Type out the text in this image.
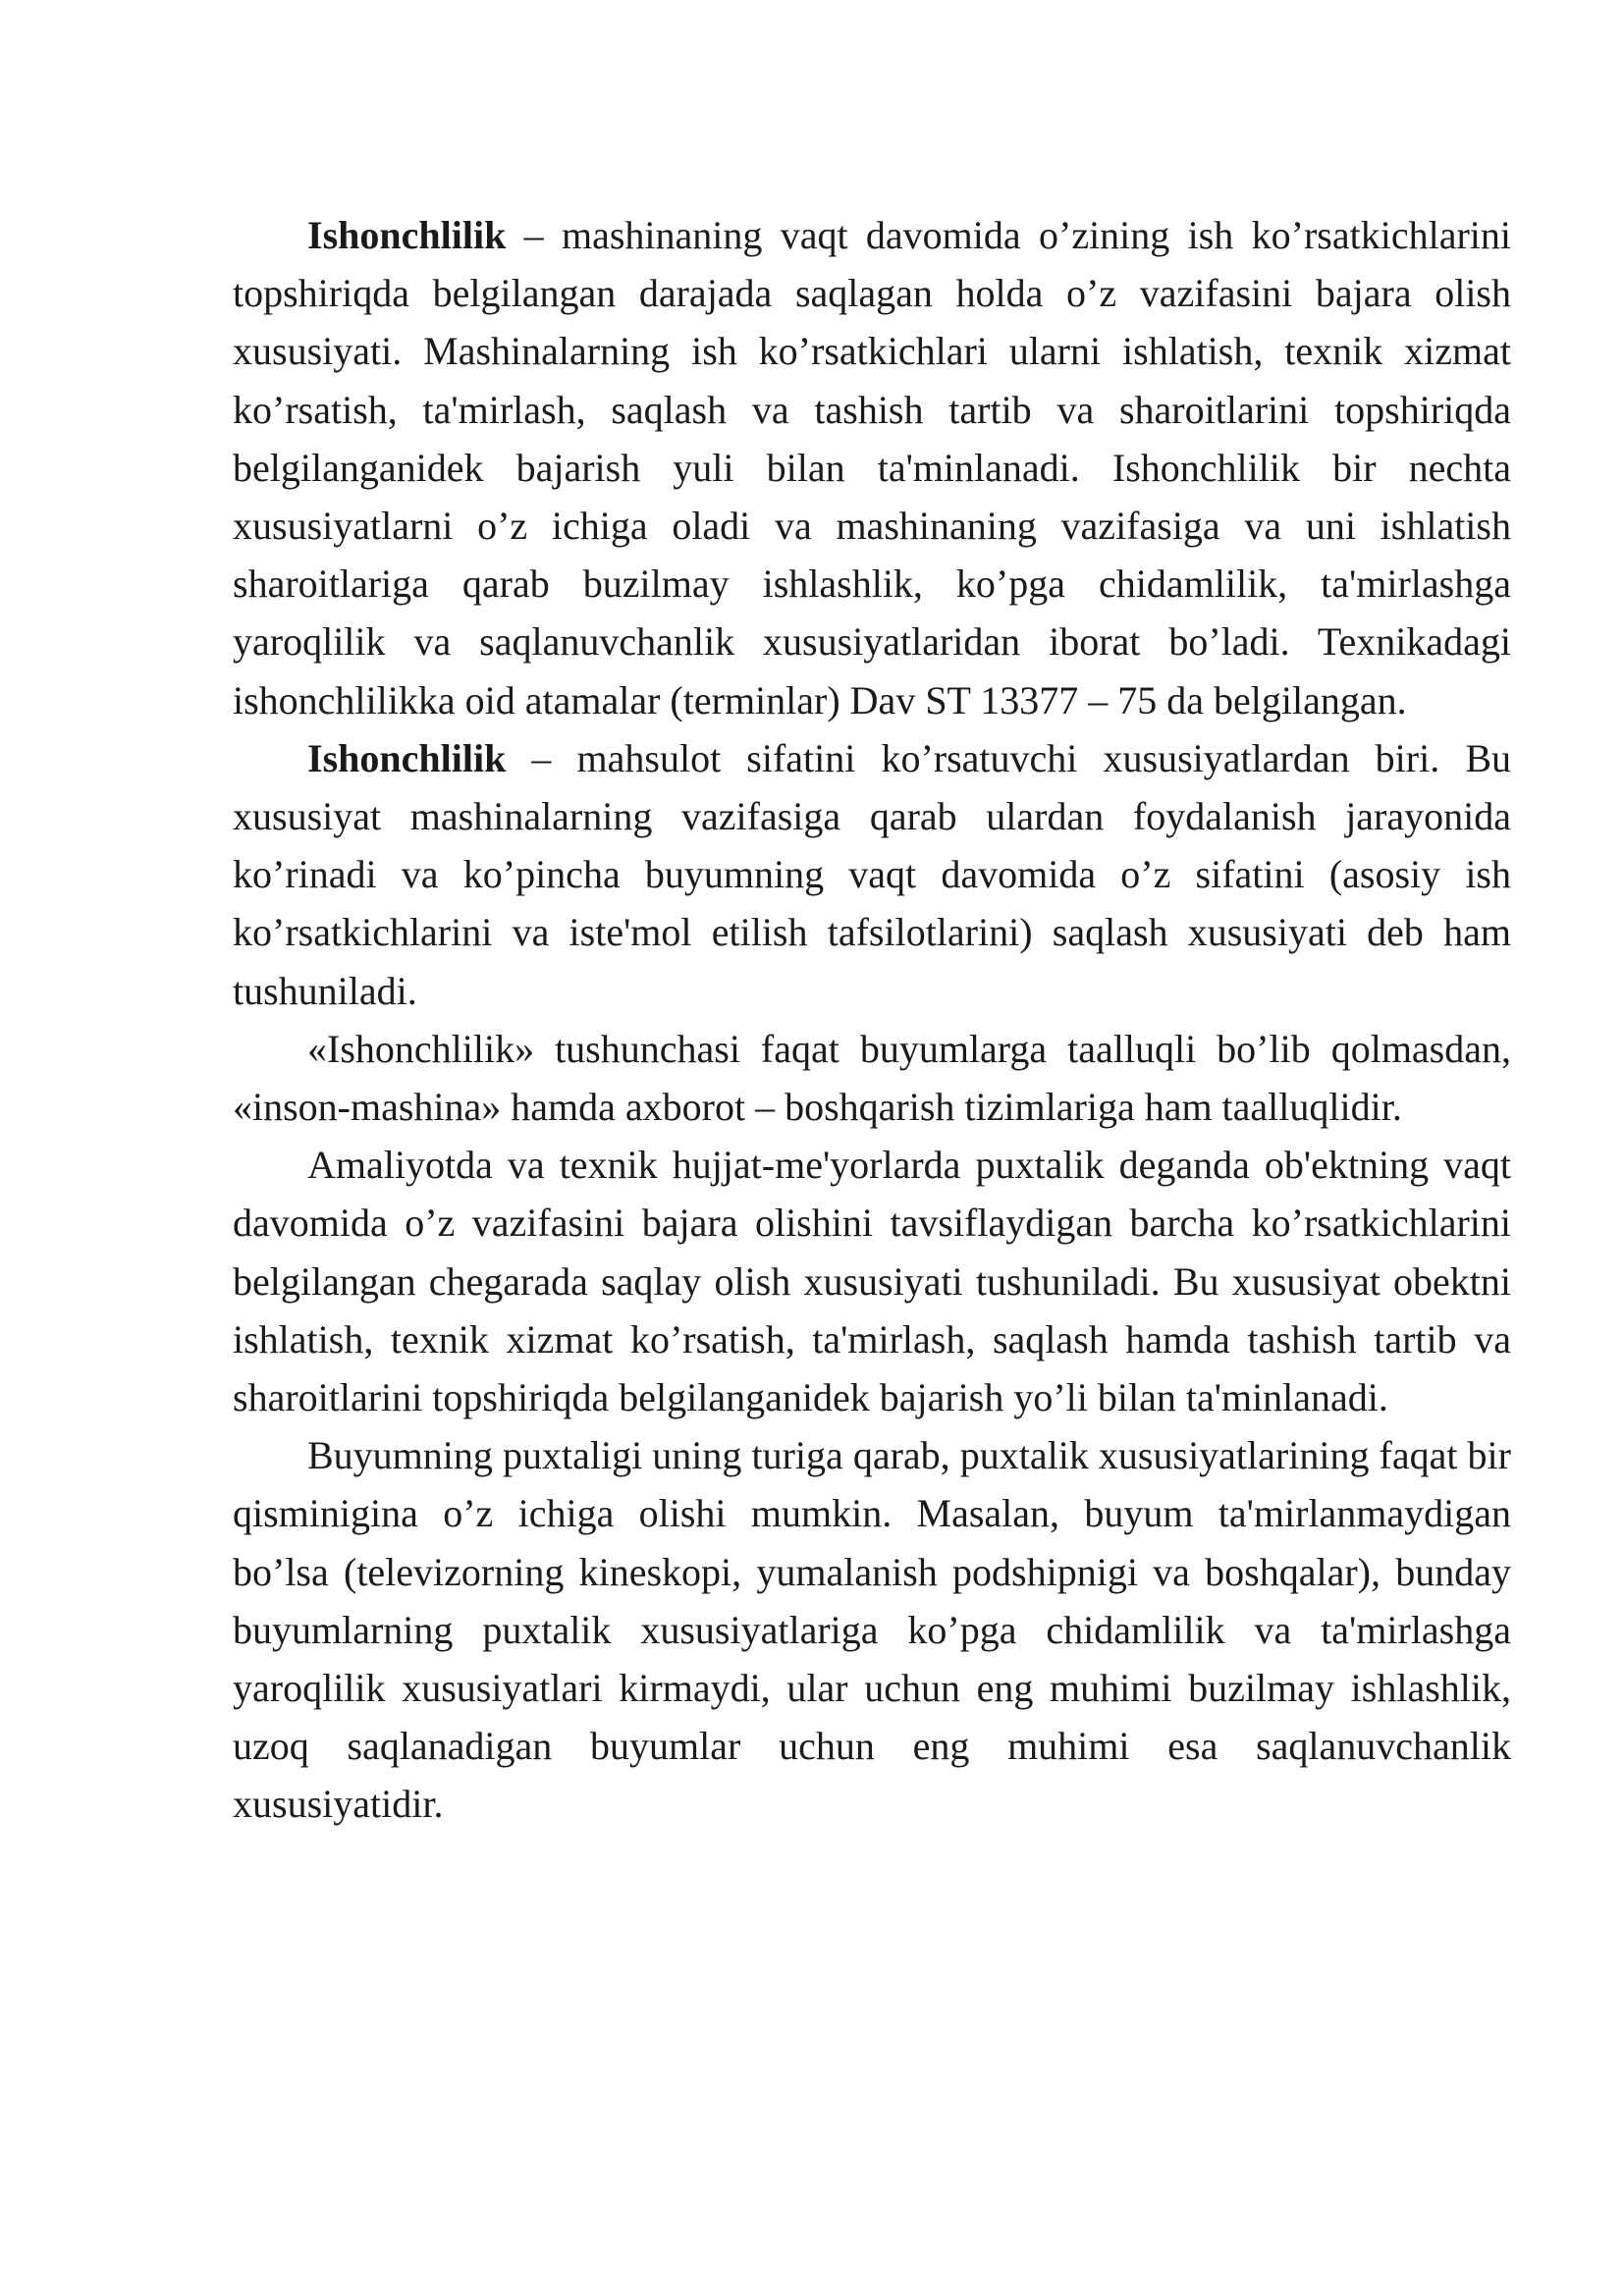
Ishonchlilik – mashinaning vaqt davomida o’zining ish ko’rsatkichlarini topshiriqda belgilangan darajada saqlagan holda o’z vazifasini bajara olish xususiyati. Mashinalarning ish ko’rsatkichlari ularni ishlatish, texnik xizmat ko’rsatish, ta'mirlash, saqlash va tashish tartib va sharoitlarini topshiriqda belgilanganidek bajarish yuli bilan ta'minlanadi. Ishonchlilik bir nechta xususiyatlarni o’z ichiga oladi va mashinaning vazifasiga va uni ishlatish sharoitlariga qarab buzilmay ishlashlik, ko’pga chidamlilik, ta'mirlashga yaroqlilik va saqlanuvchanlik xususiyatlaridan iborat bo’ladi. Texnikadagi ishonchlilikka oid atamalar (terminlar) Dav ST 13377 – 75 da belgilangan.

Ishonchlilik – mahsulot sifatini ko’rsatuvchi xususiyatlardan biri. Bu xususiyat mashinalarning vazifasiga qarab ulardan foydalanish jarayonida ko’rinadi va ko’pincha buyumning vaqt davomida o’z sifatini (asosiy ish ko’rsatkichlarini va iste'mol etilish tafsilotlarini) saqlash xususiyati deb ham tushuniladi.

«Ishonchlilik» tushunchasi faqat buyumlarga taalluqli bo’lib qolmasdan, «inson-mashina» hamda axborot – boshqarish tizimlariga ham taalluqlidir.

Amaliyotda va texnik hujjat-me'yorlarda puxtalik deganda ob'ektning vaqt davomida o’z vazifasini bajara olishini tavsiflaydigan barcha ko’rsatkichlarini belgilangan chegarada saqlay olish xususiyati tushuniladi. Bu xususiyat obektni ishlatish, texnik xizmat ko’rsatish, ta'mirlash, saqlash hamda tashish tartib va sharoitlarini topshiriqda belgilanganidek bajarish yo’li bilan ta'minlanadi.

Buyumning puxtaligi uning turiga qarab, puxtalik xususiyatlarining faqat bir qisminigina o’z ichiga olishi mumkin. Masalan, buyum ta'mirlanmaydigan bo’lsa (televizorning kineskopi, yumalanish podshipnigi va boshqalar), bunday buyumlarning puxtalik xususiyatlariga ko’pga chidamlilik va ta'mirlashga yaroqlilik xususiyatlari kirmaydi, ular uchun eng muhimi buzilmay ishlashlik, uzoq saqlanadigan buyumlar uchun eng muhimi esa saqlanuvchanlik xususiyatidir.
